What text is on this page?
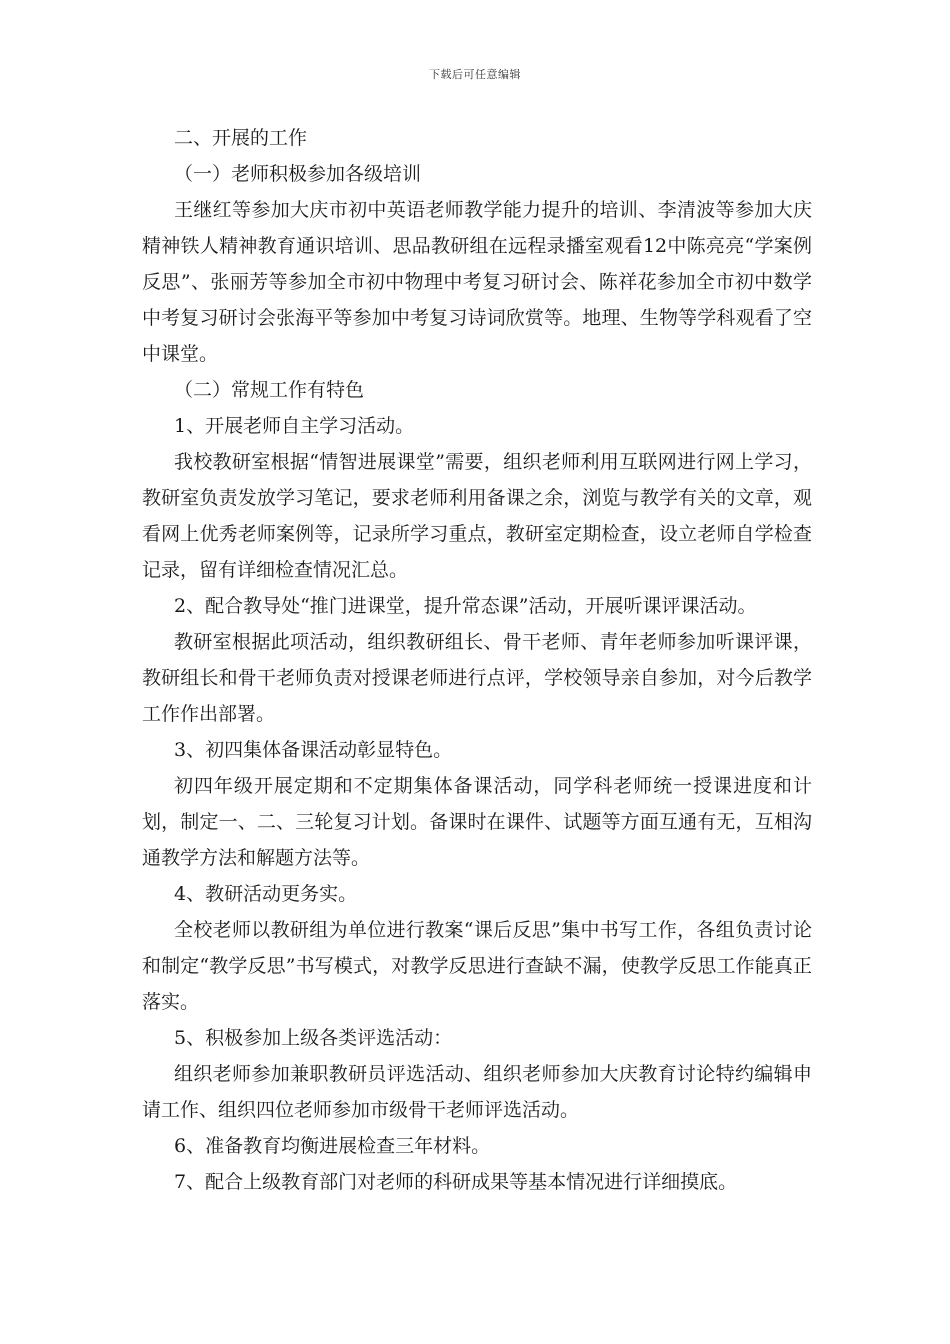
下载后可任意编辑

二、开展的工作

（一）老师积极参加各级培训

王继红等参加大庆市初中英语老师教学能力提升的培训、李清波等参加大庆精神铁人精神教育通识培训、思品教研组在远程录播室观看12中陈亮亮“学案例反思”、张丽芳等参加全市初中物理中考复习研讨会、陈祥花参加全市初中数学中考复习研讨会张海平等参加中考复习诗词欣赏等。地理、生物等学科观看了空中课堂。

（二）常规工作有特色

1、开展老师自主学习活动。

我校教研室根据“情智进展课堂”需要，组织老师利用互联网进行网上学习，教研室负责发放学习笔记，要求老师利用备课之余，浏览与教学有关的文章，观看网上优秀老师案例等，记录所学习重点，教研室定期检查，设立老师自学检查记录，留有详细检查情况汇总。

2、配合教导处“推门进课堂，提升常态课”活动，开展听课评课活动。

教研室根据此项活动，组织教研组长、骨干老师、青年老师参加听课评课，教研组长和骨干老师负责对授课老师进行点评，学校领导亲自参加，对今后教学工作作出部署。

3、初四集体备课活动彰显特色。

初四年级开展定期和不定期集体备课活动，同学科老师统一授课进度和计划，制定一、二、三轮复习计划。备课时在课件、试题等方面互通有无，互相沟通教学方法和解题方法等。

4、教研活动更务实。

全校老师以教研组为单位进行教案“课后反思”集中书写工作，各组负责讨论和制定“教学反思”书写模式，对教学反思进行查缺不漏，使教学反思工作能真正落实。

5、积极参加上级各类评选活动：

组织老师参加兼职教研员评选活动、组织老师参加大庆教育讨论特约编辑申请工作、组织四位老师参加市级骨干老师评选活动。

6、准备教育均衡进展检查三年材料。

7、配合上级教育部门对老师的科研成果等基本情况进行详细摸底。
